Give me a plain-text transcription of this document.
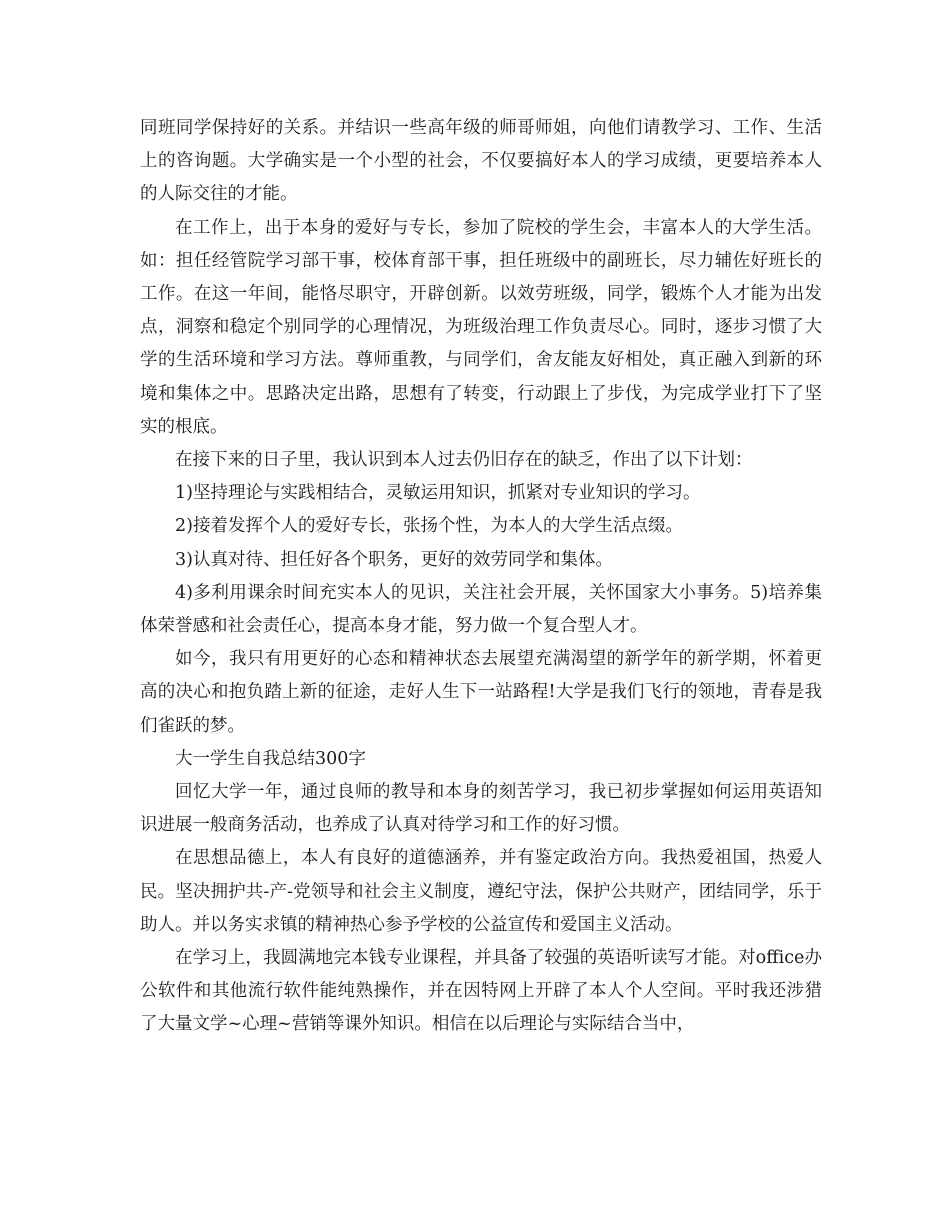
同班同学保持好的关系。并结识一些高年级的师哥师姐，向他们请教学习、工作、生活上的咨询题。大学确实是一个小型的社会，不仅要搞好本人的学习成绩，更要培养本人的人际交往的才能。

在工作上，出于本身的爱好与专长，参加了院校的学生会，丰富本人的大学生活。如：担任经管院学习部干事，校体育部干事，担任班级中的副班长，尽力辅佐好班长的工作。在这一年间，能恪尽职守，开辟创新。以效劳班级，同学，锻炼个人才能为出发点，洞察和稳定个别同学的心理情况，为班级治理工作负责尽心。同时，逐步习惯了大学的生活环境和学习方法。尊师重教，与同学们，舍友能友好相处，真正融入到新的环境和集体之中。思路决定出路，思想有了转变，行动跟上了步伐，为完成学业打下了坚实的根底。

在接下来的日子里，我认识到本人过去仍旧存在的缺乏，作出了以下计划：

1)坚持理论与实践相结合，灵敏运用知识，抓紧对专业知识的学习。

2)接着发挥个人的爱好专长，张扬个性，为本人的大学生活点缀。

3)认真对待、担任好各个职务，更好的效劳同学和集体。

4)多利用课余时间充实本人的见识，关注社会开展，关怀国家大小事务。5)培养集体荣誉感和社会责任心，提高本身才能，努力做一个复合型人才。

如今，我只有用更好的心态和精神状态去展望充满渴望的新学年的新学期，怀着更高的决心和抱负踏上新的征途，走好人生下一站路程!大学是我们飞行的领地，青春是我们雀跃的梦。

大一学生自我总结300字

回忆大学一年，通过良师的教导和本身的刻苦学习，我已初步掌握如何运用英语知识进展一般商务活动，也养成了认真对待学习和工作的好习惯。

在思想品德上，本人有良好的道德涵养，并有鉴定政治方向。我热爱祖国，热爱人民。坚决拥护共-产-党领导和社会主义制度，遵纪守法，保护公共财产，团结同学，乐于助人。并以务实求镇的精神热心参予学校的公益宣传和爱国主义活动。

在学习上，我圆满地完本钱专业课程，并具备了较强的英语听读写才能。对office办公软件和其他流行软件能纯熟操作，并在因特网上开辟了本人个人空间。平时我还涉猎了大量文学~心理~营销等课外知识。相信在以后理论与实际结合当中，
